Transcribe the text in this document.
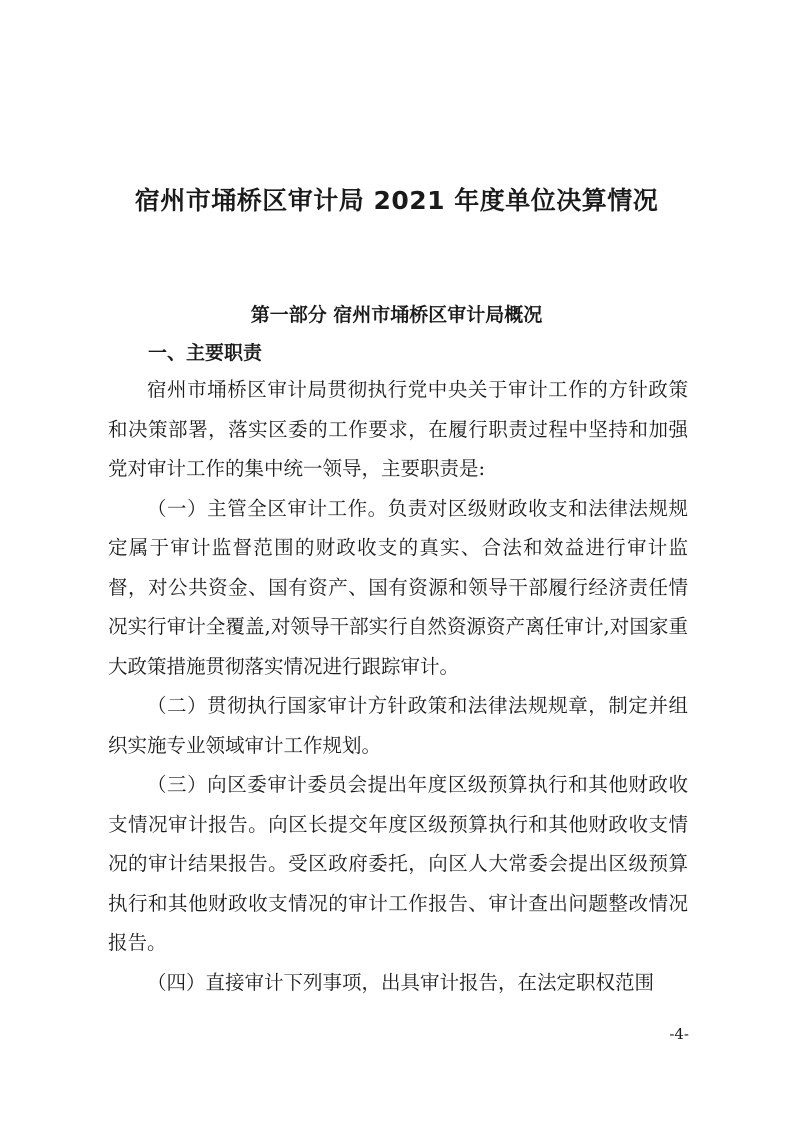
宿州市埇桥区审计局 2021 年度单位决算情况
第一部分 宿州市埇桥区审计局概况
一、主要职责

宿州市埇桥区审计局贯彻执行党中央关于审计工作的方针政策和决策部署，落实区委的工作要求，在履行职责过程中坚持和加强党对审计工作的集中统一领导，主要职责是:

（一）主管全区审计工作。负责对区级财政收支和法律法规规定属于审计监督范围的财政收支的真实、合法和效益进行审计监督，对公共资金、国有资产、国有资源和领导干部履行经济责任情况实行审计全覆盖,对领导干部实行自然资源资产离任审计,对国家重大政策措施贯彻落实情况进行跟踪审计。

（二）贯彻执行国家审计方针政策和法律法规规章，制定并组织实施专业领域审计工作规划。

（三）向区委审计委员会提出年度区级预算执行和其他财政收支情况审计报告。向区长提交年度区级预算执行和其他财政收支情况的审计结果报告。受区政府委托，向区人大常委会提出区级预算执行和其他财政收支情况的审计工作报告、审计查出问题整改情况报告。

（四）直接审计下列事项，出具审计报告，在法定职权范围

-4-
